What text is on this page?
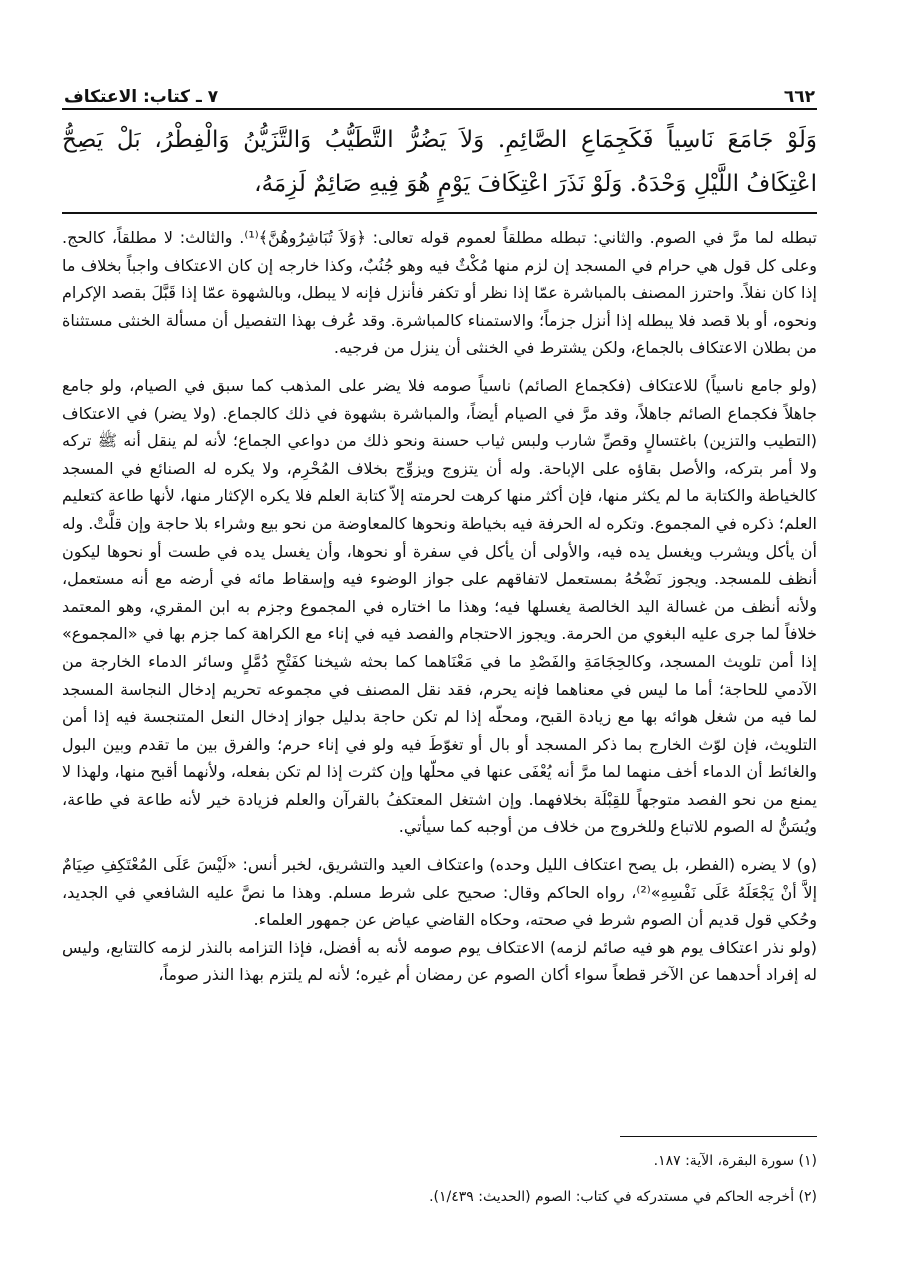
٦٦٢
٧ ـ كتاب: الاعتكاف
وَلَوْ جَامَعَ نَاسِياً فَكَجِمَاعِ الصَّائِمِ. وَلاَ يَضُرُّ التَّطَيُّبُ وَالتَّزَيُّنُ وَالْفِطْرُ، بَلْ يَصِحُّ اعْتِكَافُ اللَّيْلِ وَحْدَهُ. وَلَوْ نَذَرَ اعْتِكَافَ يَوْمٍ هُوَ فِيهِ صَائِمٌ لَزِمَهُ،

تبطله لما مرَّ في الصوم. والثاني: تبطله مطلقاً لعموم قوله تعالى: ﴿وَلاَ تُبَاشِرُوهُنَّ﴾⁽¹⁾. والثالث: لا مطلقاً، كالحج. وعلى كل قول هي حرام في المسجد إن لزم منها مُكْثٌ فيه وهو جُنُبٌ، وكذا خارجه إن كان الاعتكاف واجباً بخلاف ما إذا كان نفلاً. واحترز المصنف بالمباشرة عمّا إذا نظر أو تكفر فأنزل فإنه لا يبطل، وبالشهوة عمّا إذا قَبَّلَ بقصد الإكرام ونحوه، أو بلا قصد فلا يبطله إذا أنزل جزماً؛ والاستمناء كالمباشرة. وقد عُرف بهذا التفصيل أن مسألة الخنثى مستثناة من بطلان الاعتكاف بالجماع، ولكن يشترط في الخنثى أن ينزل من فرجيه.

(ولو جامع ناسياً) للاعتكاف (فكجماع الصائم) ناسياً صومه فلا يضر على المذهب كما سبق في الصيام، ولو جامع جاهلاً فكجماع الصائم جاهلاً، وقد مرَّ في الصيام أيضاً، والمباشرة بشهوة في ذلك كالجماع. (ولا يضر) في الاعتكاف (التطيب والتزين) باغتسالٍ وقصِّ شارب ولبس ثياب حسنة ونحو ذلك من دواعي الجماع؛ لأنه لم ينقل أنه ﷺ تركه ولا أمر بتركه، والأصل بقاؤه على الإباحة. وله أن يتزوج ويزوِّج بخلاف المُحْرِم، ولا يكره له الصنائع في المسجد كالخياطة والكتابة ما لم يكثر منها، فإن أكثر منها كرهت لحرمته إلاّ كتابة العلم فلا يكره الإكثار منها، لأنها طاعة كتعليم العلم؛ ذكره في المجموع. وتكره له الحرفة فيه بخياطة ونحوها كالمعاوضة من نحو بيع وشراء بلا حاجة وإن قلَّتْ. وله أن يأكل ويشرب ويغسل يده فيه، والأولى أن يأكل في سفرة أو نحوها، وأن يغسل يده في طست أو نحوها ليكون أنظف للمسجد. ويجوز نَضْحُهُ بمستعمل لاتفاقهم على جواز الوضوء فيه وإسقاط مائه في أرضه مع أنه مستعمل، ولأنه أنظف من غسالة اليد الخالصة يغسلها فيه؛ وهذا ما اختاره في المجموع وجزم به ابن المقري، وهو المعتمد خلافاً لما جرى عليه البغوي من الحرمة. ويجوز الاحتجام والفصد فيه في إناء مع الكراهة كما جزم بها في «المجموع» إذا أمن تلويث المسجد، وكالحِجَامَةِ والفَصْدِ ما في مَعْنَاهما كما بحثه شيخنا كفَتْحِ دُمَّلٍ وسائر الدماء الخارجة من الآدمي للحاجة؛ أما ما ليس في معناهما فإنه يحرم، فقد نقل المصنف في مجموعه تحريم إدخال النجاسة المسجد لما فيه من شغل هوائه بها مع زيادة القبح، ومحلّه إذا لم تكن حاجة بدليل جواز إدخال النعل المتنجسة فيه إذا أمن التلويث، فإن لوّث الخارج بما ذكر المسجد أو بال أو تغوّطَ فيه ولو في إناء حرم؛ والفرق بين ما تقدم وبين البول والغائط أن الدماء أخف منهما لما مرَّ أنه يُعْفَى عنها في محلّها وإن كثرت إذا لم تكن بفعله، ولأنهما أقبح منها، ولهذا لا يمنع من نحو الفصد متوجهاً للقِبْلَة بخلافهما. وإن اشتغل المعتكفُ بالقرآن والعلم فزيادة خير لأنه طاعة في طاعة، ويُسَنُّ له الصوم للاتباع وللخروج من خلاف من أوجبه كما سيأتي.

(و) لا يضره (الفطر، بل يصح اعتكاف الليل وحده) واعتكاف العيد والتشريق، لخبر أنس: «لَيْسَ عَلَى المُعْتَكِفِ صِيَامٌ إلاَّ أنْ يَجْعَلَهُ عَلَى نَفْسِهِ»⁽²⁾، رواه الحاكم وقال: صحيح على شرط مسلم. وهذا ما نصَّ عليه الشافعي في الجديد، وحُكي قول قديم أن الصوم شرط في صحته، وحكاه القاضي عياض عن جمهور العلماء.

(ولو نذر اعتكاف يوم هو فيه صائم لزمه) الاعتكاف يوم صومه لأنه به أفضل، فإذا التزامه بالنذر لزمه كالتتابع، وليس له إفراد أحدهما عن الآخر قطعاً سواء أكان الصوم عن رمضان أم غيره؛ لأنه لم يلتزم بهذا النذر صوماً،

(١) سورة البقرة، الآية: ١٨٧.
(٢) أخرجه الحاكم في مستدركه في كتاب: الصوم (الحديث: ١/٤٣٩).
